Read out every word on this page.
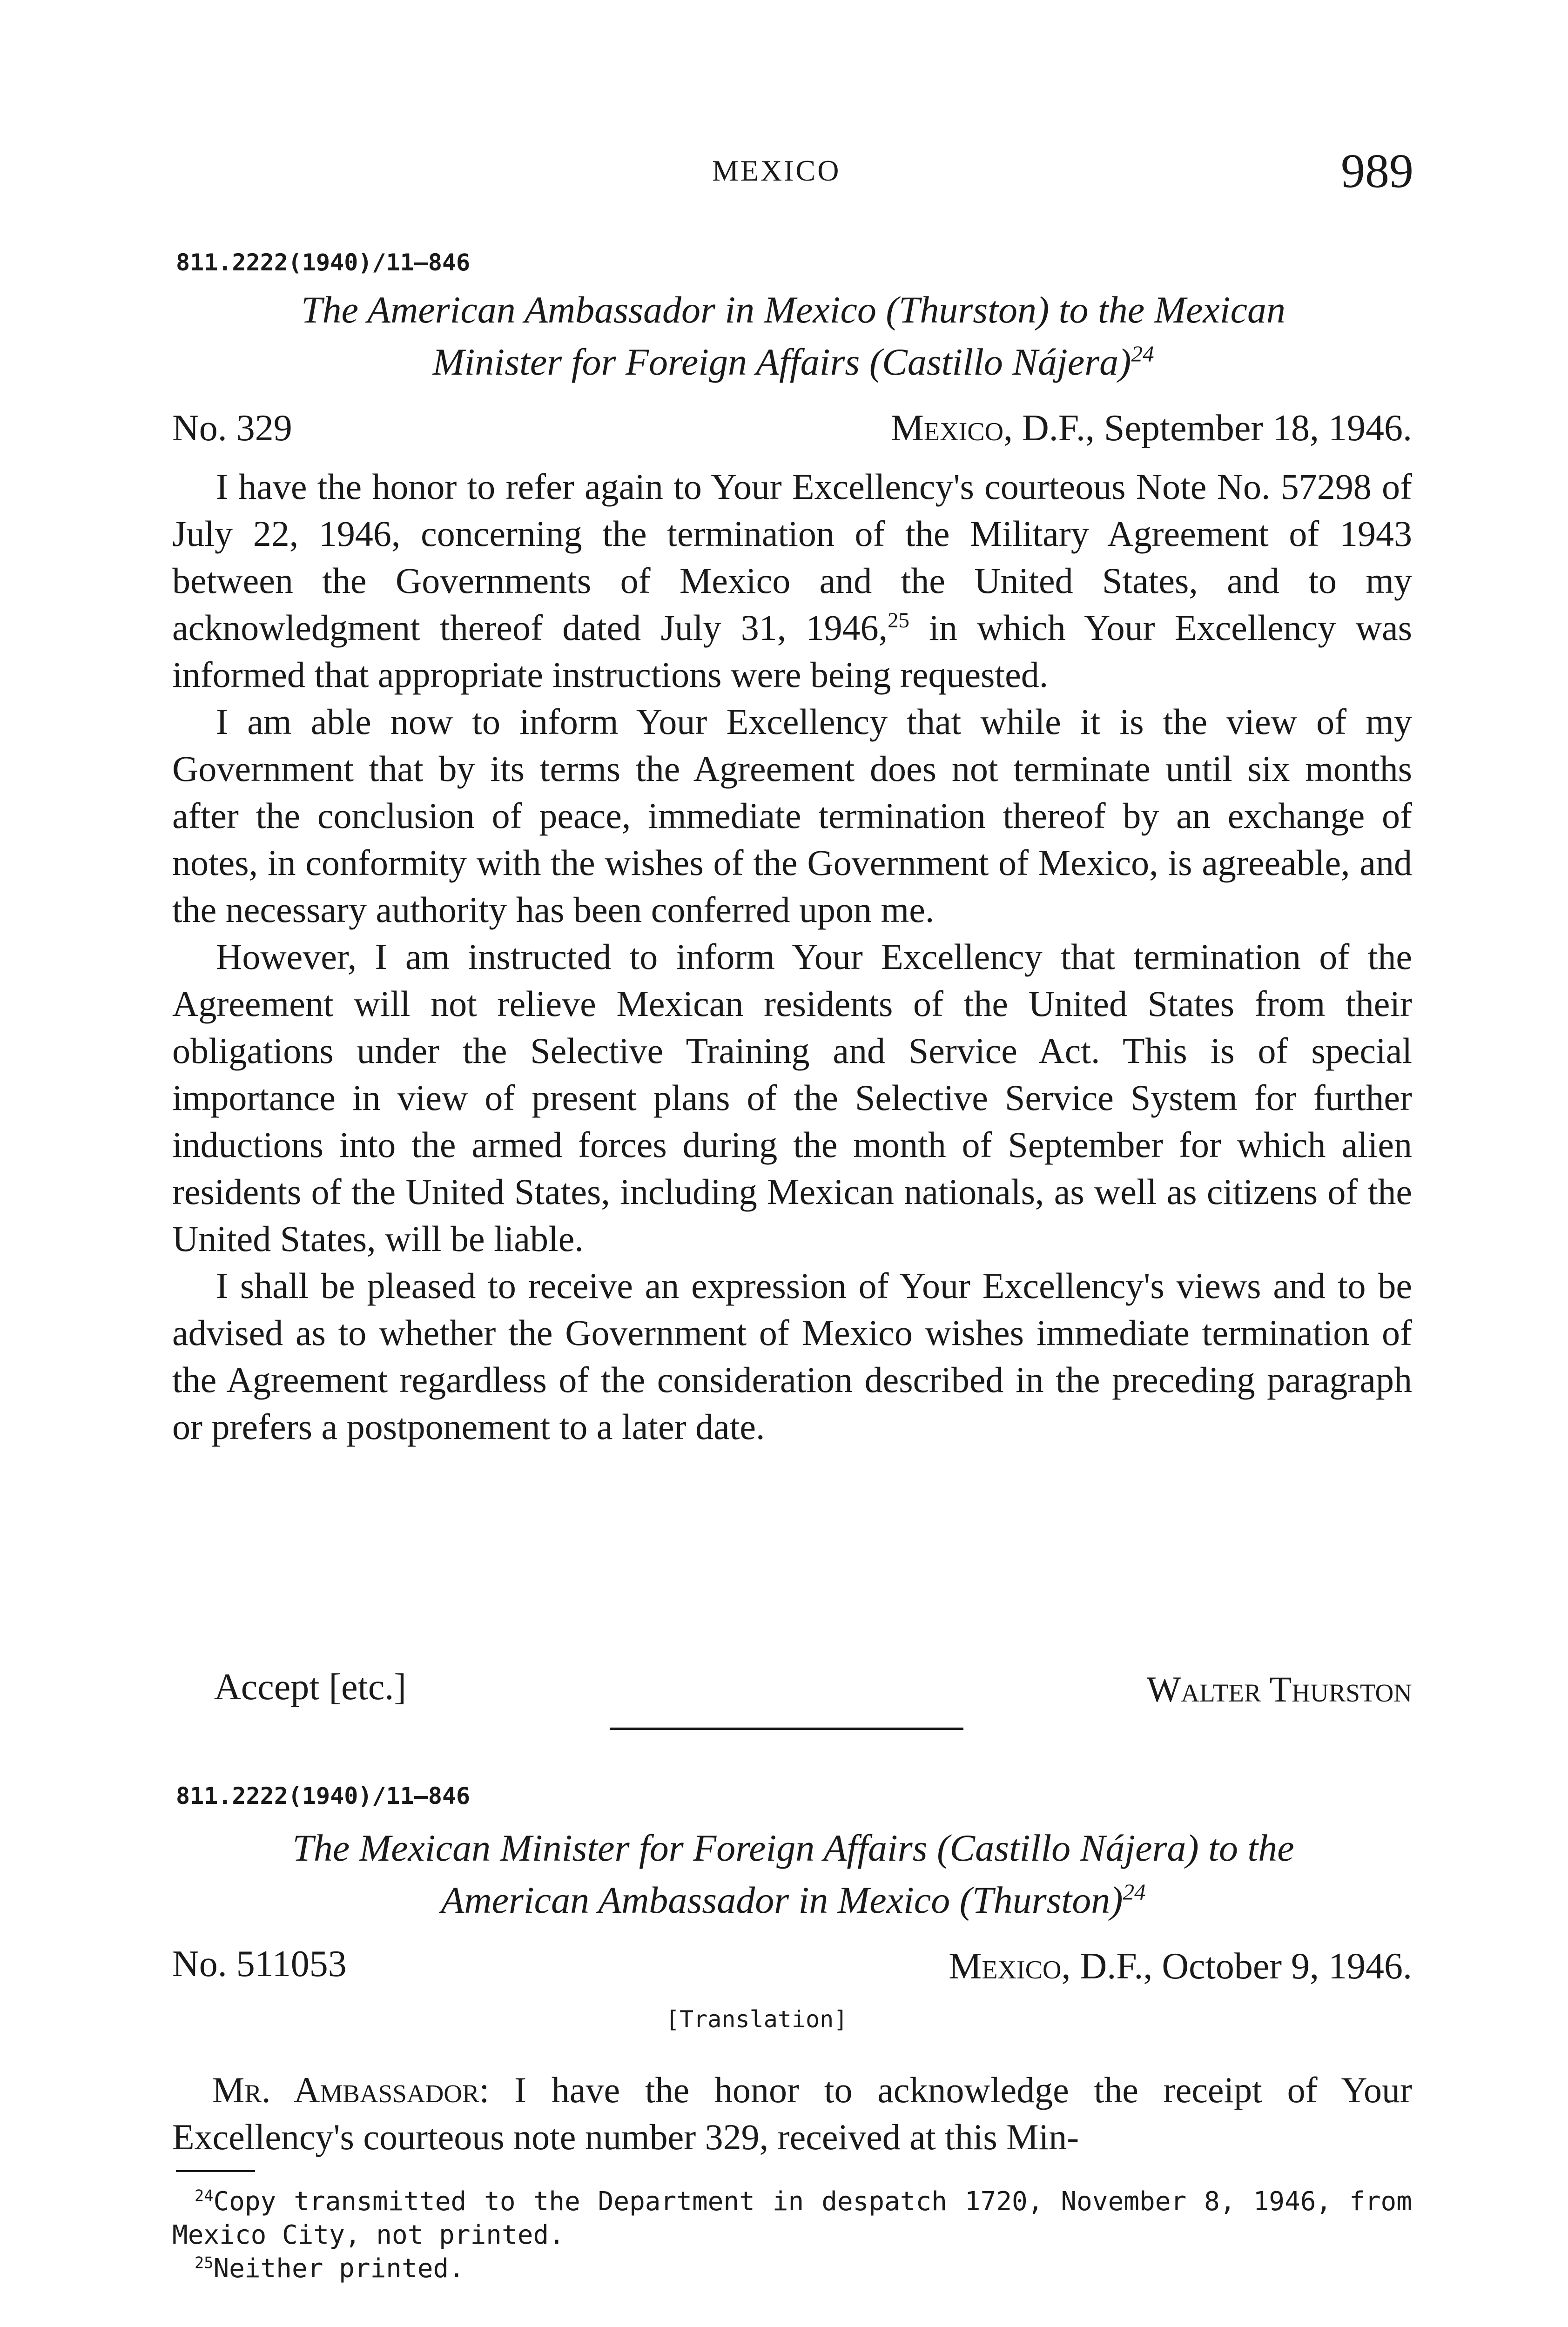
MEXICO	989
811.2222(1940)/11–846
The American Ambassador in Mexico (Thurston) to the Mexican
Minister for Foreign Affairs (Castillo Nájera)$^{24}$
No. 329	Mexico, D.F., September 18, 1946.

I have the honor to refer again to Your Excellency's courteous Note No. 57298 of July 22, 1946, concerning the termination of the Military Agreement of 1943 between the Governments of Mexico and the United States, and to my acknowledgment thereof dated July 31, 1946,25 in which Your Excellency was informed that appropriate instructions were being requested.

I am able now to inform Your Excellency that while it is the view of my Government that by its terms the Agreement does not terminate until six months after the conclusion of peace, immediate termination thereof by an exchange of notes, in conformity with the wishes of the Government of Mexico, is agreeable, and the necessary authority has been conferred upon me.

However, I am instructed to inform Your Excellency that termination of the Agreement will not relieve Mexican residents of the United States from their obligations under the Selective Training and Service Act. This is of special importance in view of present plans of the Selective Service System for further inductions into the armed forces during the month of September for which alien residents of the United States, including Mexican nationals, as well as citizens of the United States, will be liable.

I shall be pleased to receive an expression of Your Excellency's views and to be advised as to whether the Government of Mexico wishes immediate termination of the Agreement regardless of the consideration described in the preceding paragraph or prefers a postponement to a later date.

Accept [etc.]	Walter Thurston
811.2222(1940)/11–846
The Mexican Minister for Foreign Affairs (Castillo Nájera) to the
American Ambassador in Mexico (Thurston)$^{24}$
No. 511053	Mexico, D.F., October 9, 1946.
[Translation]

Mr. Ambassador: I have the honor to acknowledge the receipt of Your Excellency's courteous note number 329, received at this Min-

$^{24}$Copy transmitted to the Department in despatch 1720, November 8, 1946, from Mexico City, not printed.
$^{25}$Neither printed.
